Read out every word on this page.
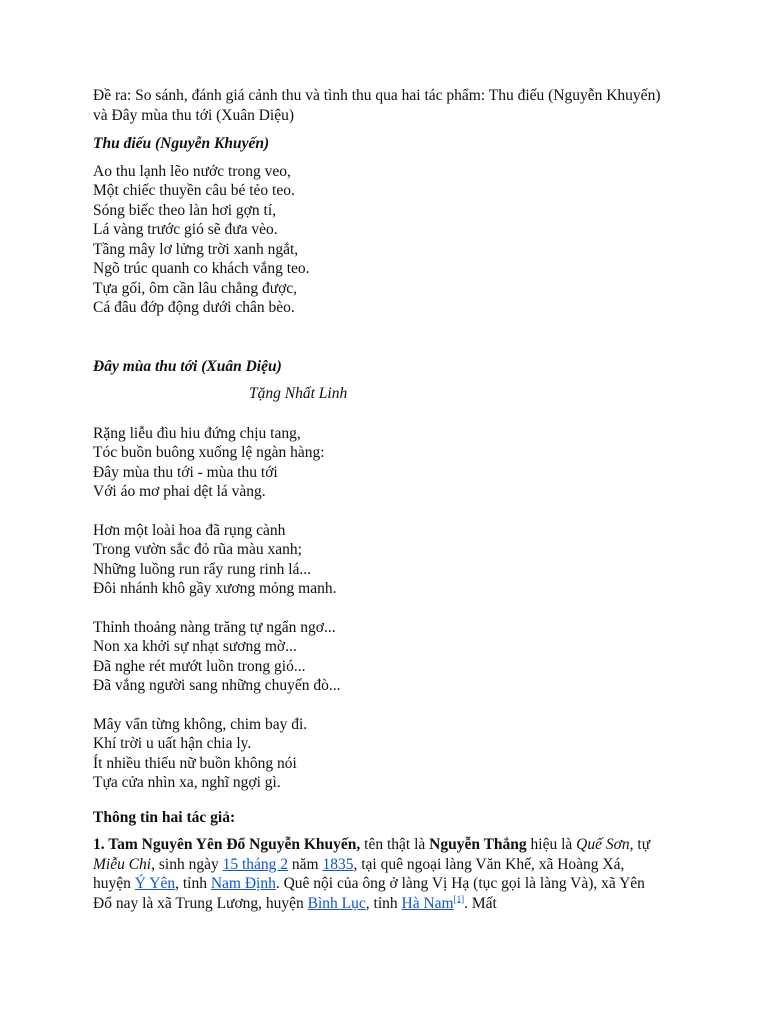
Đề ra: So sánh, đánh giá cảnh thu và tình thu qua hai tác phẩm: Thu điếu (Nguyễn Khuyến) và Đây mùa thu tới (Xuân Diệu)

Thu điếu (Nguyễn Khuyến)

Ao thu lạnh lẽo nước trong veo,
Một chiếc thuyền câu bé tẻo teo.
Sóng biếc theo làn hơi gợn tí,
Lá vàng trước gió sẽ đưa vèo.
Tầng mây lơ lửng trời xanh ngắt,
Ngõ trúc quanh co khách vắng teo.
Tựa gối, ôm cần lâu chẳng được,
Cá đâu đớp động dưới chân bèo.

Đây mùa thu tới (Xuân Diệu)

Tặng Nhất Linh

Rặng liễu đìu hiu đứng chịu tang,
Tóc buồn buông xuống lệ ngàn hàng:
Đây mùa thu tới - mùa thu tới
Với áo mơ phai dệt lá vàng.

Hơn một loài hoa đã rụng cành
Trong vườn sắc đỏ rũa màu xanh;
Những luồng run rẩy rung rinh lá...
Đôi nhánh khô gầy xương mỏng manh.

Thỉnh thoảng nàng trăng tự ngẩn ngơ...
Non xa khởi sự nhạt sương mờ...
Đã nghe rét mướt luồn trong gió...
Đã vắng người sang những chuyến đò...

Mây vẩn từng không, chim bay đi.
Khí trời u uất hận chia ly.
Ít nhiều thiếu nữ buồn không nói
Tựa cửa nhìn xa, nghĩ ngợi gì.

Thông tin hai tác giả:

1. Tam Nguyên Yên Đổ Nguyễn Khuyến, tên thật là Nguyễn Thắng hiệu là Quế Sơn, tự Miễu Chi, sinh ngày 15 tháng 2 năm 1835, tại quê ngoại làng Văn Khế, xã Hoàng Xá, huyện Ý Yên, tỉnh Nam Định. Quê nội của ông ở làng Vị Hạ (tục gọi là làng Và), xã Yên Đổ nay là xã Trung Lương, huyện Bình Lục, tỉnh Hà Nam[1]. Mất
